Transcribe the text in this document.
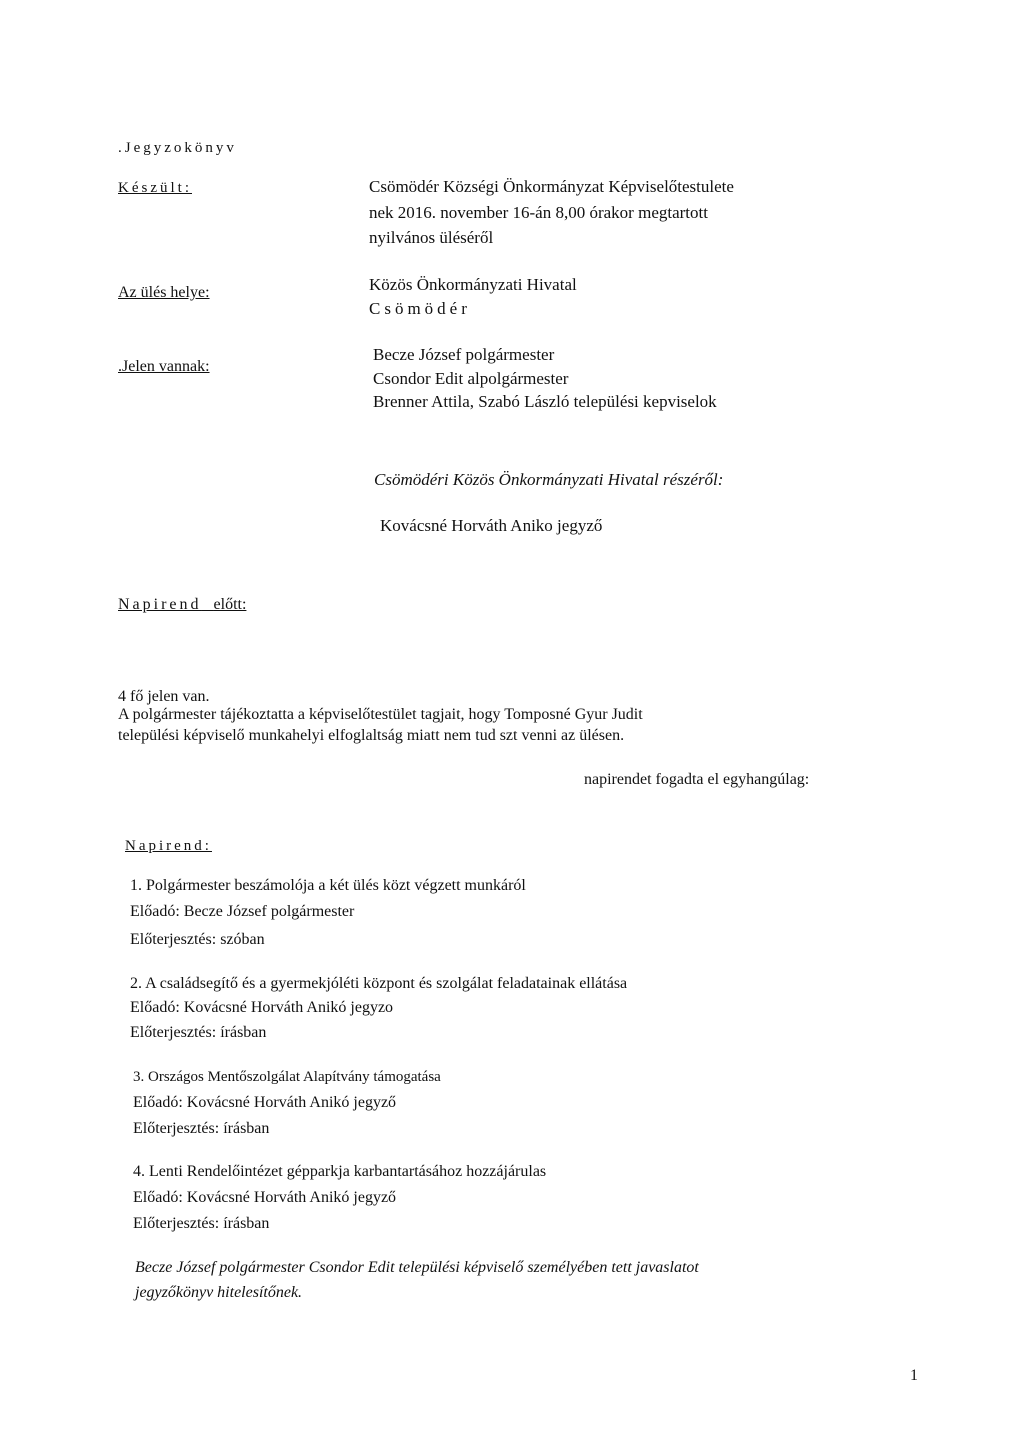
.Jegyzokönyv
Készült:	Csömödér Községi Önkormányzat Képviselőtestulete
nek 2016. november 16-án 8,00 órakor megtartott
nyilvános üléséről
Az ülés helye:	Közös Önkormányzati Hivatal
Csömödér
.Jelen vannak:
Becze József polgármester
Csondor Edit alpolgármester
Brenner Attila, Szabó László települési kepviselok
Csömödéri Közös Önkormányzati Hivatal részéről:
Kovácsné Horváth Aniko jegyző
Napirend előtt:
4 fő jelen van.
A polgármester tájékoztatta a képviselőtestület tagjait, hogy Tomposné Gyur Judit
települési képviselő munkahelyi elfoglaltság miatt nem tud szt venni az ülésen.
napirendet fogadta el egyhangúlag:
Napirend:
1. Polgármester beszámolója a két ülés közt végzett munkáról
Előadó: Becze József polgármester
Előterjesztés: szóban
2. A családsegítő és a gyermekjóléti központ és szolgálat feladatainak ellátása
Előadó: Kovácsné Horváth Anikó jegyzo
Előterjesztés: írásban
3. Országos Mentőszolgálat Alapítvány támogatása
Előadó: Kovácsné Horváth Anikó jegyző
Előterjesztés: írásban
4. Lenti Rendelőintézet gépparkja karbantartásához hozzájárulas
Előadó: Kovácsné Horváth Anikó jegyző
Előterjesztés: írásban
Becze József polgármester Csondor Edit települési képviselő személyében tett javaslatot
jegyzőkönyv hitelesítőnek.
1
